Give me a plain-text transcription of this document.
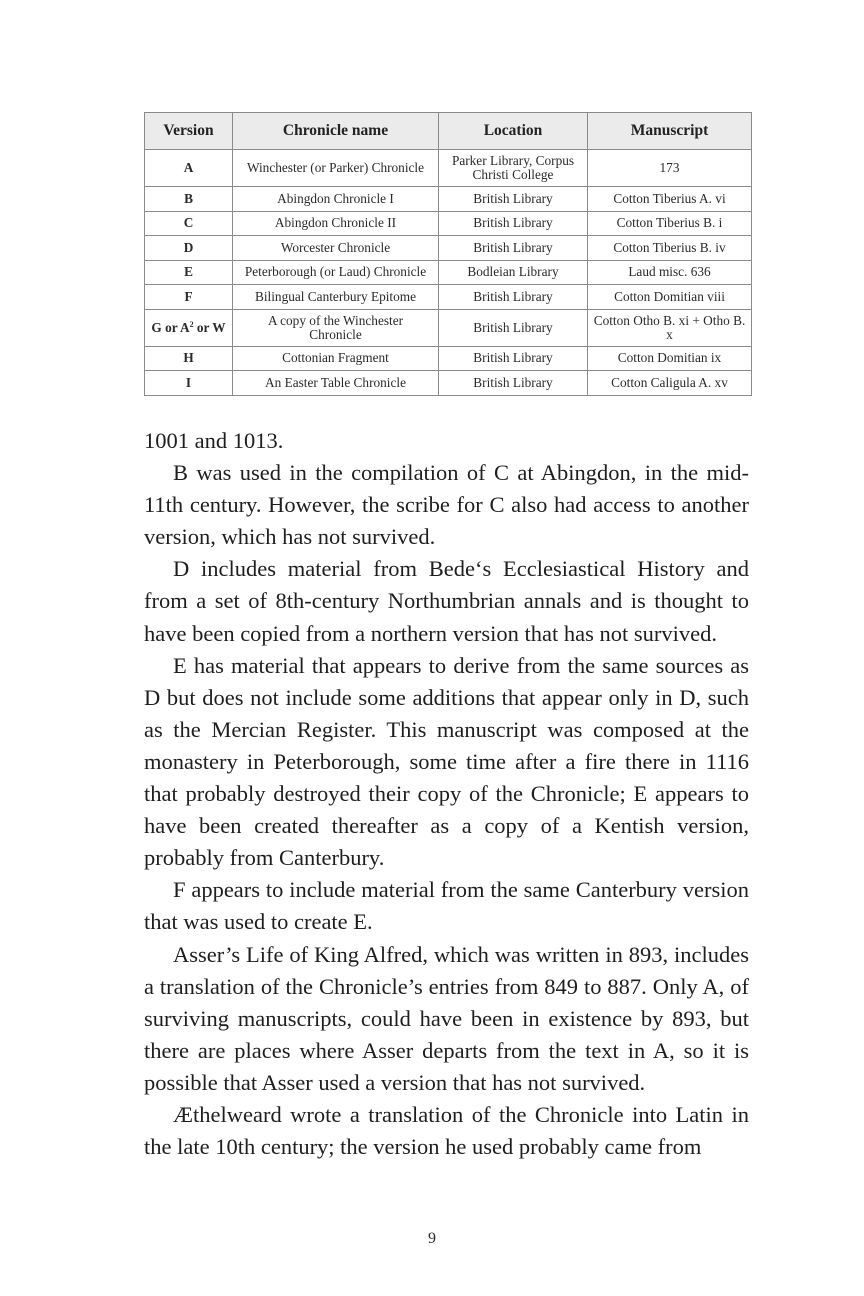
Version	Chronicle name	Location	Manuscript
A	Winchester (or Parker) Chronicle	Parker Library, Corpus Christi College	173
B	Abingdon Chronicle I	British Library	Cotton Tiberius A. vi
C	Abingdon Chronicle II	British Library	Cotton Tiberius B. i
D	Worcester Chronicle	British Library	Cotton Tiberius B. iv
E	Peterborough (or Laud) Chronicle	Bodleian Library	Laud misc. 636
F	Bilingual Canterbury Epitome	British Library	Cotton Domitian viii
G or $A^2$ or W	A copy of the Winchester Chronicle	British Library	Cotton Otho B. xi + Otho B. x
H	Cottonian Fragment	British Library	Cotton Domitian ix
I	An Easter Table Chronicle	British Library	Cotton Caligula A. xv

1001 and 1013.

B was used in the compilation of C at Abingdon, in the mid-11th century. However, the scribe for C also had access to another version, which has not survived.

D includes material from Bede‘s Ecclesiastical History and from a set of 8th-century Northumbrian annals and is thought to have been copied from a northern version that has not survived.

E has material that appears to derive from the same sources as D but does not include some additions that appear only in D, such as the Mercian Register. This manuscript was composed at the monastery in Peterborough, some time after a fire there in 1116 that probably destroyed their copy of the Chronicle; E appears to have been created thereafter as a copy of a Kentish version, probably from Canterbury.

F appears to include material from the same Canterbury version that was used to create E.

Asser’s Life of King Alfred, which was written in 893, includes a translation of the Chronicle’s entries from 849 to 887. Only A, of surviving manuscripts, could have been in existence by 893, but there are places where Asser departs from the text in A, so it is possible that Asser used a version that has not survived.

Æthelweard wrote a translation of the Chronicle into Latin in the late 10th century; the version he used probably came from

9
